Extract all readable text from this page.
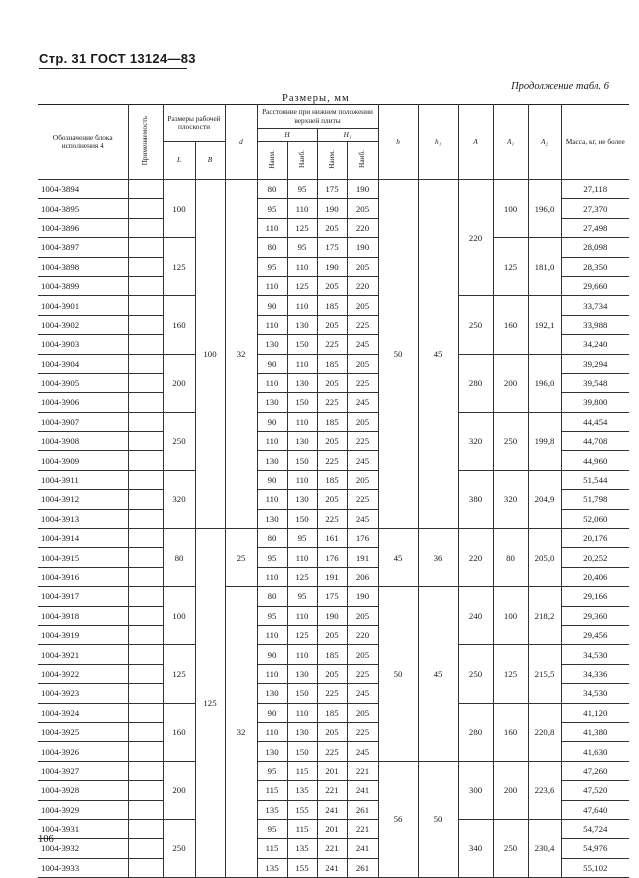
Стр. 31 ГОСТ 13124—83
Продолжение табл. 6
Размеры, мм
Обозначение блока исполнения 4	Применяемость	Размеры рабочей плоскости		d	Расстояние при нижнем положении верхней плиты				h	h₁	A	A₁	A₂	Масса, кг, не более
					H		H₁							
		L	B		Наим.	Наиб.	Наим.	Наиб.						
1004-3894		100	100	32	80	95	175	190	50	45	220	100	196,0	27,118
1004-3895					95	110	190	205						27,370
1004-3896					110	125	205	220						27,498
1004-3897		125			80	95	175	190				125	181,0	28,098
1004-3898					95	110	190	205						28,350
1004-3899					110	125	205	220						29,660
1004-3901		160			90	110	185	205			250	160	192,1	33,734
1004-3902					110	130	205	225						33,988
1004-3903					130	150	225	245						34,240
1004-3904		200			90	110	185	205			280	200	196,0	39,294
1004-3905					110	130	205	225						39,548
1004-3906					130	150	225	245						39,800
1004-3907		250			90	110	185	205			320	250	199,8	44,454
1004-3908					110	130	205	225						44,708
1004-3909					130	150	225	245						44,960
1004-3911		320			90	110	185	205			380	320	204,9	51,544
1004-3912					110	130	205	225						51,798
1004-3913					130	150	225	245						52,060
1004-3914		80	125	25	80	95	161	176	45	36	220	80	205,0	20,176
1004-3915					95	110	176	191						20,252
1004-3916					110	125	191	206						20,406
1004-3917		100		32	80	95	175	190	50	45	240	100	218,2	29,166
1004-3918					95	110	190	205						29,360
1004-3919					110	125	205	220						29,456
1004-3921		125			90	110	185	205			250	125	215,5	34,530
1004-3922					110	130	205	225						34,336
1004-3923					130	150	225	245						34,530
1004-3924		160			90	110	185	205			280	160	220,8	41,120
1004-3925					110	130	205	225						41,380
1004-3926					130	150	225	245						41,630
1004-3927		200			95	115	201	221	56	50	300	200	223,6	47,260
1004-3928					115	135	221	241						47,520
1004-3929					135	155	241	261						47,640
1004-3931		250			95	115	201	221			340	250	230,4	54,724
1004-3932					115	135	221	241						54,976
1004-3933					135	155	241	261						55,102
106
